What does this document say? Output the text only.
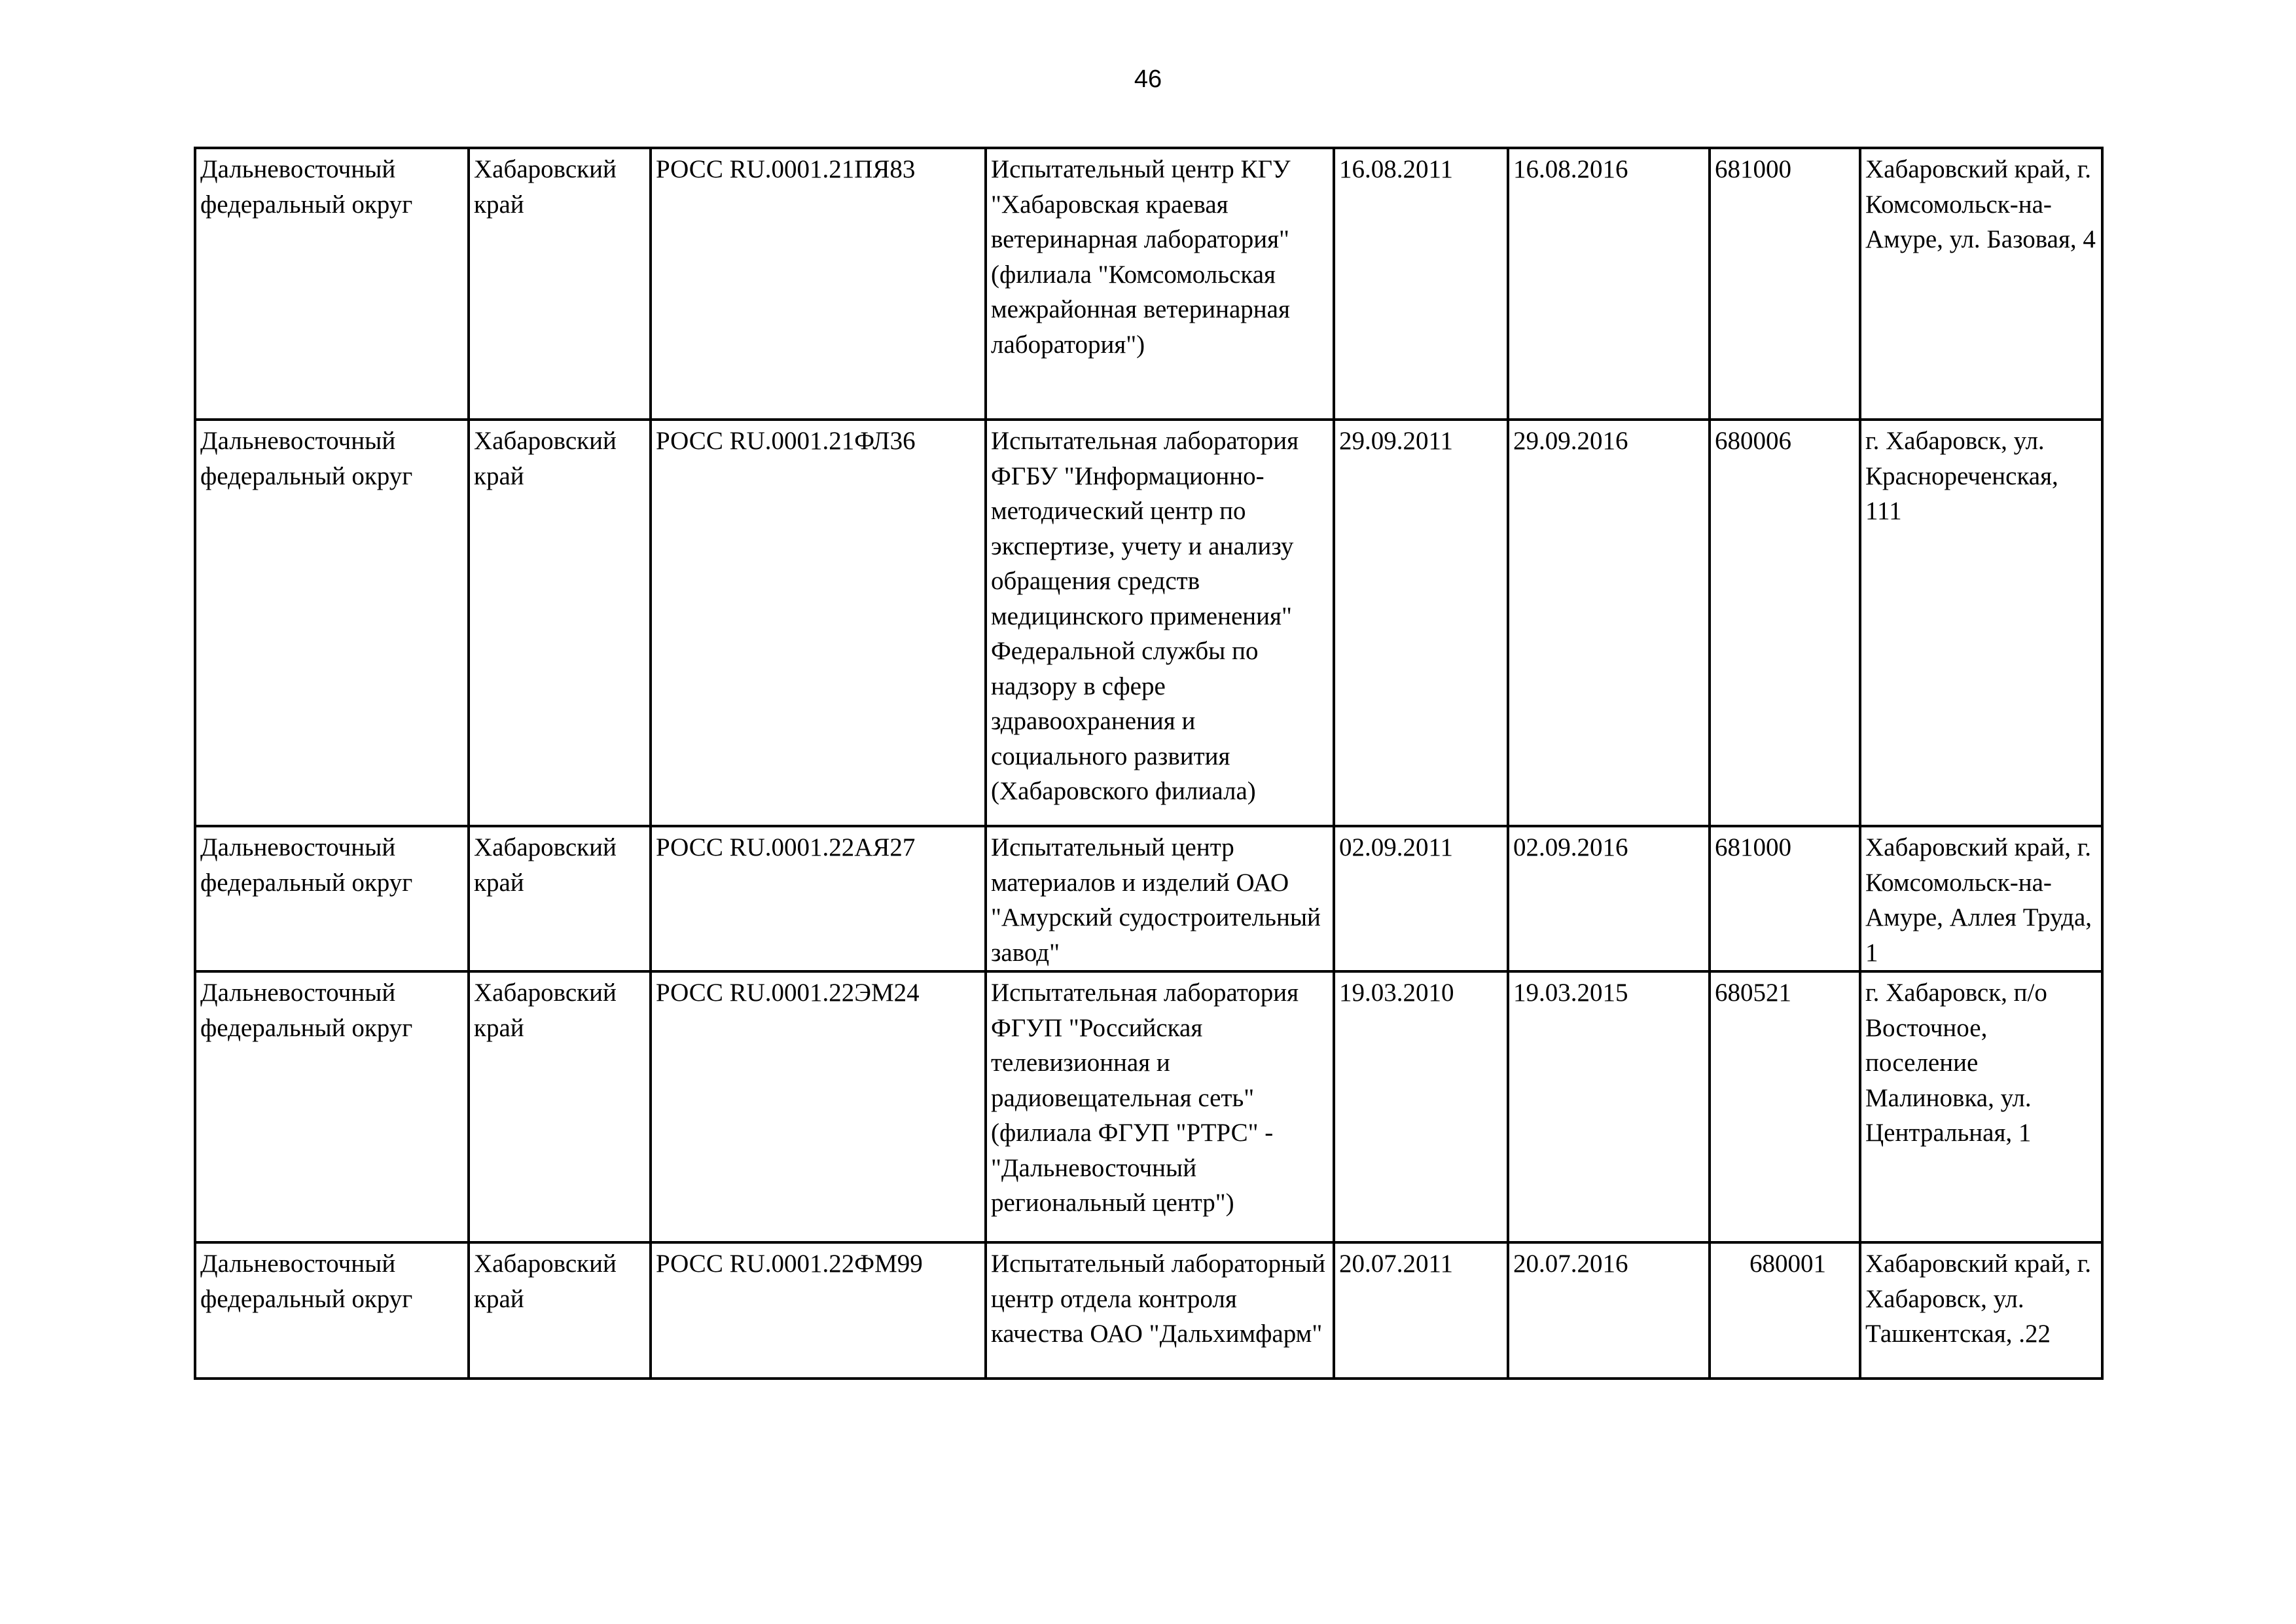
46
Дальневосточный федеральный округ	Хабаровский край	РОСС RU.0001.21ПЯ83	Испытательный центр КГУ "Хабаровская краевая ветеринарная лаборатория" (филиала "Комсомольская межрайонная ветеринарная лаборатория")	16.08.2011	16.08.2016	681000	Хабаровский край, г. Комсомольск-на-Амуре, ул. Базовая, 4
Дальневосточный федеральный округ	Хабаровский край	РОСС RU.0001.21ФЛ36	Испытательная лаборатория ФГБУ "Информационно-методический центр по экспертизе, учету и анализу обращения средств медицинского применения" Федеральной службы по надзору в сфере здравоохранения и социального развития (Хабаровского филиала)	29.09.2011	29.09.2016	680006	г. Хабаровск, ул. Краснореченская, 111
Дальневосточный федеральный округ	Хабаровский край	РОСС RU.0001.22АЯ27	Испытательный центр материалов и изделий ОАО "Амурский судостроительный завод"	02.09.2011	02.09.2016	681000	Хабаровский край, г. Комсомольск-на-Амуре, Аллея Труда, 1
Дальневосточный федеральный округ	Хабаровский край	РОСС RU.0001.22ЭМ24	Испытательная лаборатория ФГУП "Российская телевизионная и радиовещательная сеть" (филиала ФГУП "РТРС" - "Дальневосточный региональный центр")	19.03.2010	19.03.2015	680521	г. Хабаровск, п/о Восточное, поселение Малиновка, ул. Центральная, 1
Дальневосточный федеральный округ	Хабаровский край	РОСС RU.0001.22ФМ99	Испытательный лабораторный центр отдела контроля качества ОАО "Дальхимфарм"	20.07.2011	20.07.2016	680001	Хабаровский край, г. Хабаровск, ул. Ташкентская, .22
